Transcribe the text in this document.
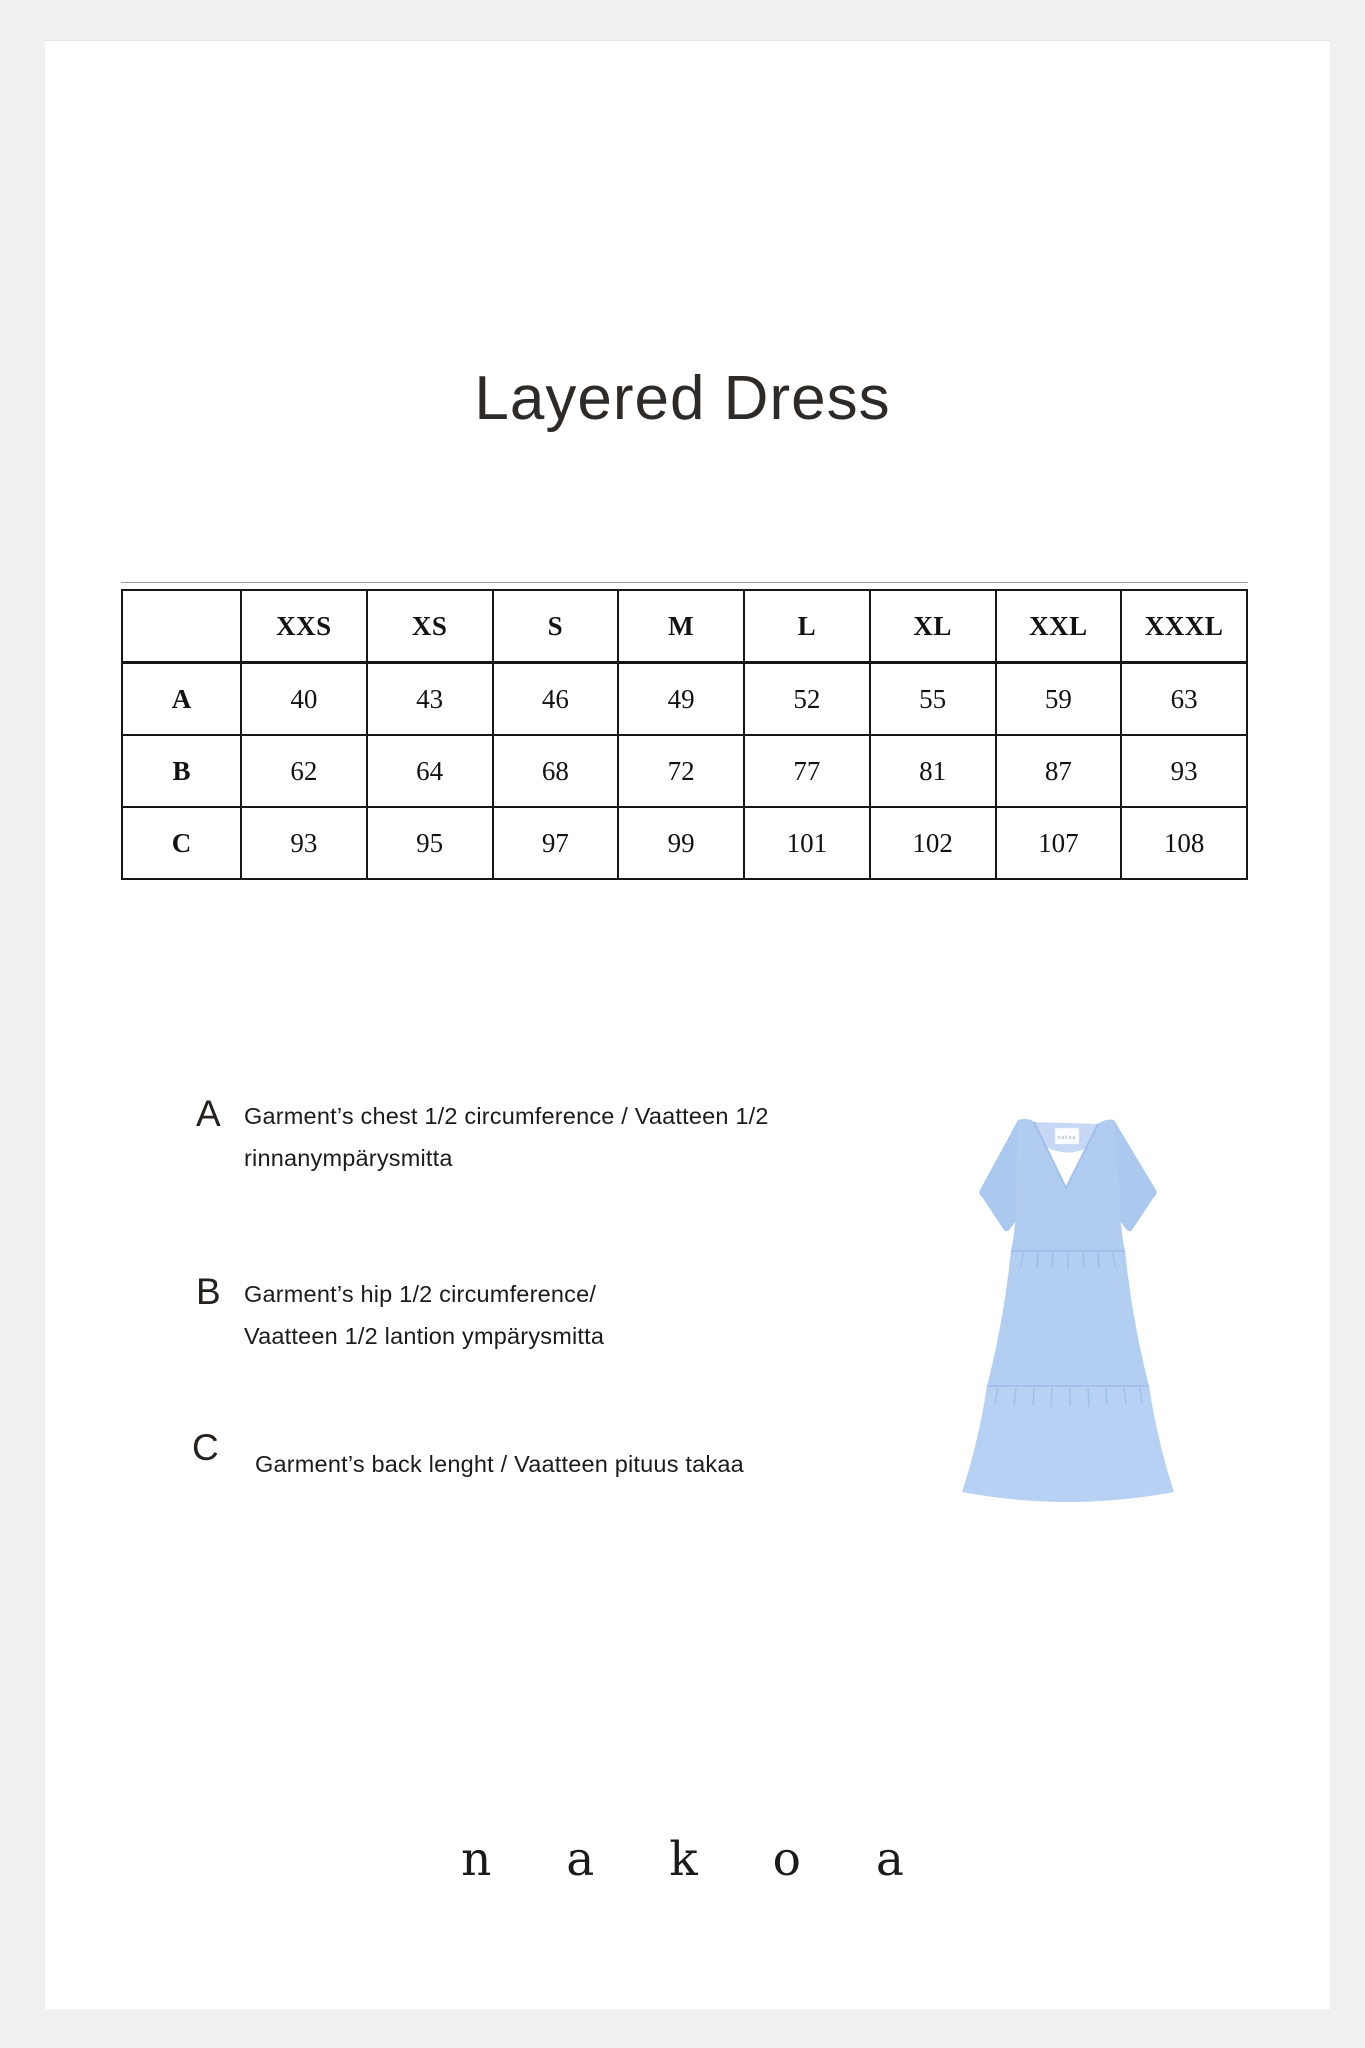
Layered Dress
	XXS	XS	S	M	L	XL	XXL	XXXL
A	40	43	46	49	52	55	59	63
B	62	64	68	72	77	81	87	93
C	93	95	97	99	101	102	107	108
A Garment’s chest 1/2 circumference / Vaatteen 1/2
rinnanympärysmitta
B Garment’s hip 1/2 circumference/
Vaatteen 1/2 lantion ympärysmitta
C Garment’s back lenght / Vaatteen pituus takaa
nakoa
n a k o a
